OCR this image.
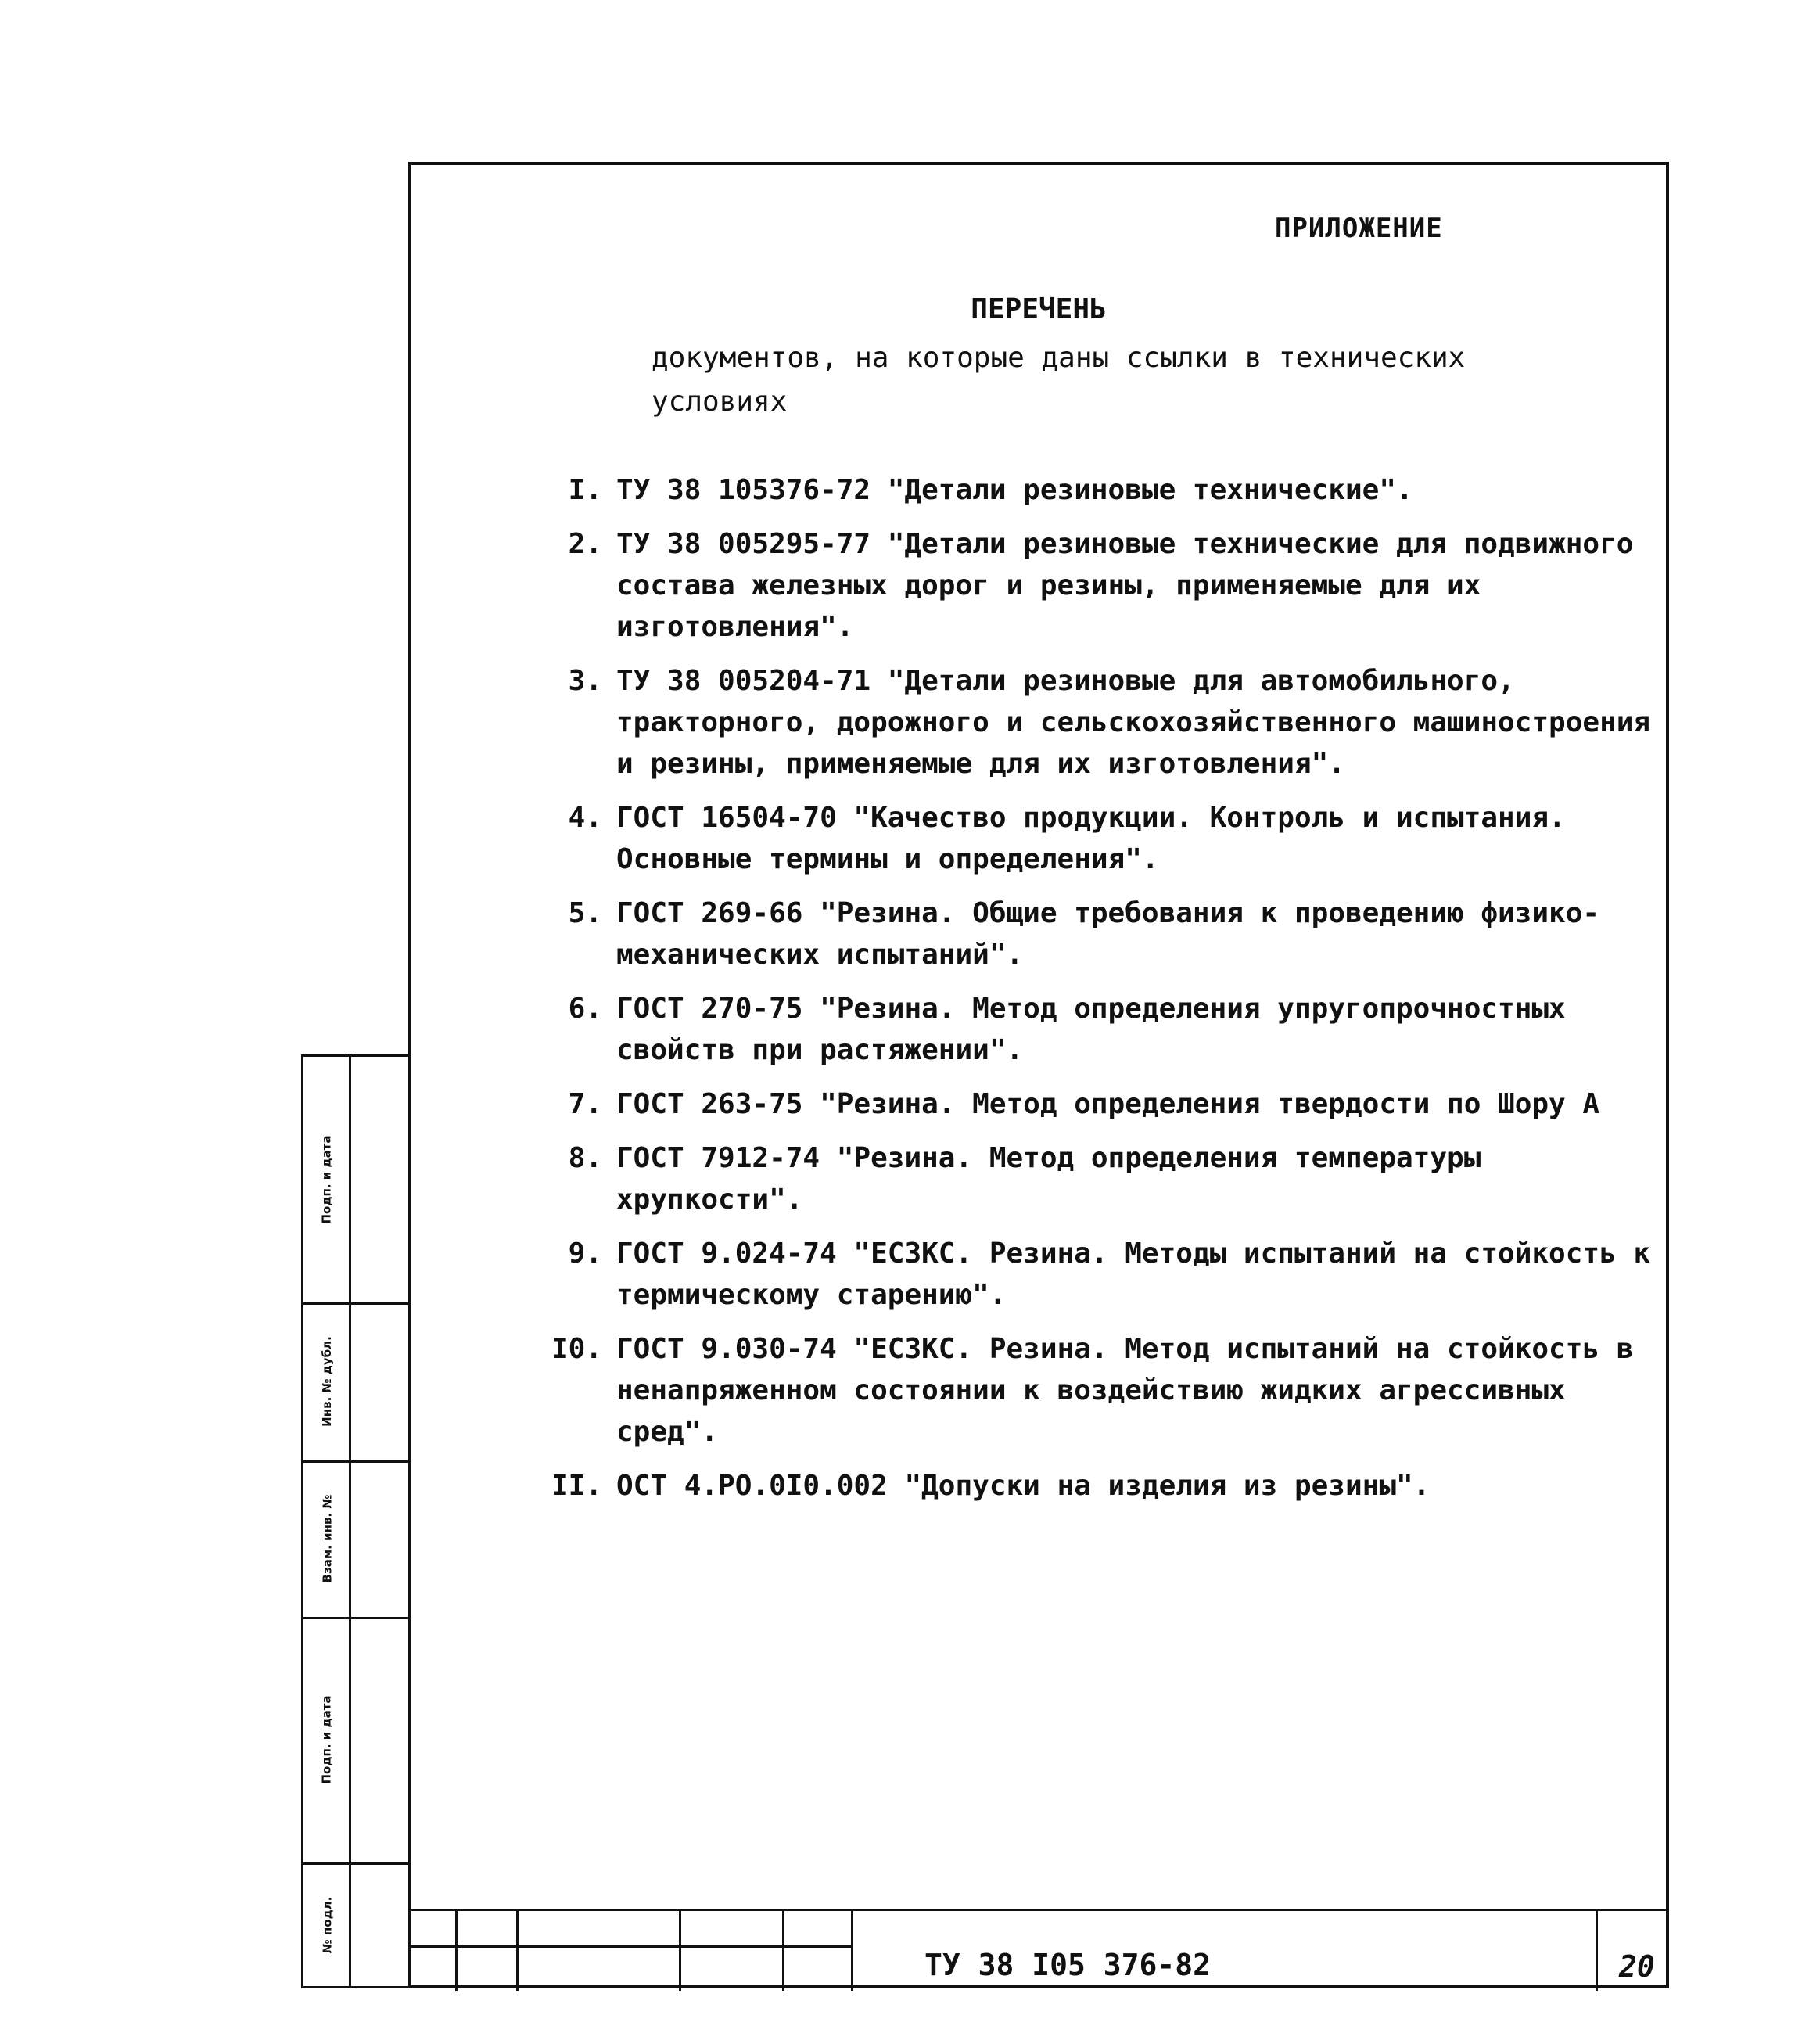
ПРИЛОЖЕНИЕ
ПЕРЕЧЕНЬ
документов, на которые даны ссылки в технических условиях
I. ТУ 38 105376-72 "Детали резиновые технические".
2. ТУ 38 005295-77 "Детали резиновые технические для подвижного состава железных дорог и резины, применяемые для их изготовления".
3. ТУ 38 005204-71 "Детали резиновые для автомобильного, тракторного, дорожного и сельскохозяйственного машиностроения и резины, применяемые для их изготовления".
4. ГОСТ 16504-70 "Качество продукции. Контроль и испытания. Основные термины и определения".
5. ГОСТ 269-66 "Резина. Общие требования к проведению физико-механических испытаний".
6. ГОСТ 270-75 "Резина. Метод определения упругопрочностных свойств при растяжении".
7. ГОСТ 263-75 "Резина. Метод определения твердости по Шору А
8. ГОСТ 7912-74 "Резина. Метод определения температуры хрупкости".
9. ГОСТ 9.024-74 "ЕСЗКС. Резина. Методы испытаний на стойкость к термическому старению".
I0. ГОСТ 9.030-74 "ЕСЗКС. Резина. Метод испытаний на стойкость в ненапряженном состоянии к воздействию жидких агрессивных сред".
II. ОСТ 4.РО.0I0.002 "Допуски на изделия из резины".
Подп. и дата
Инв. № дубл.
Взам. инв. №
Подп. и дата
№ подл.
ТУ 38 I05 376-82	20
